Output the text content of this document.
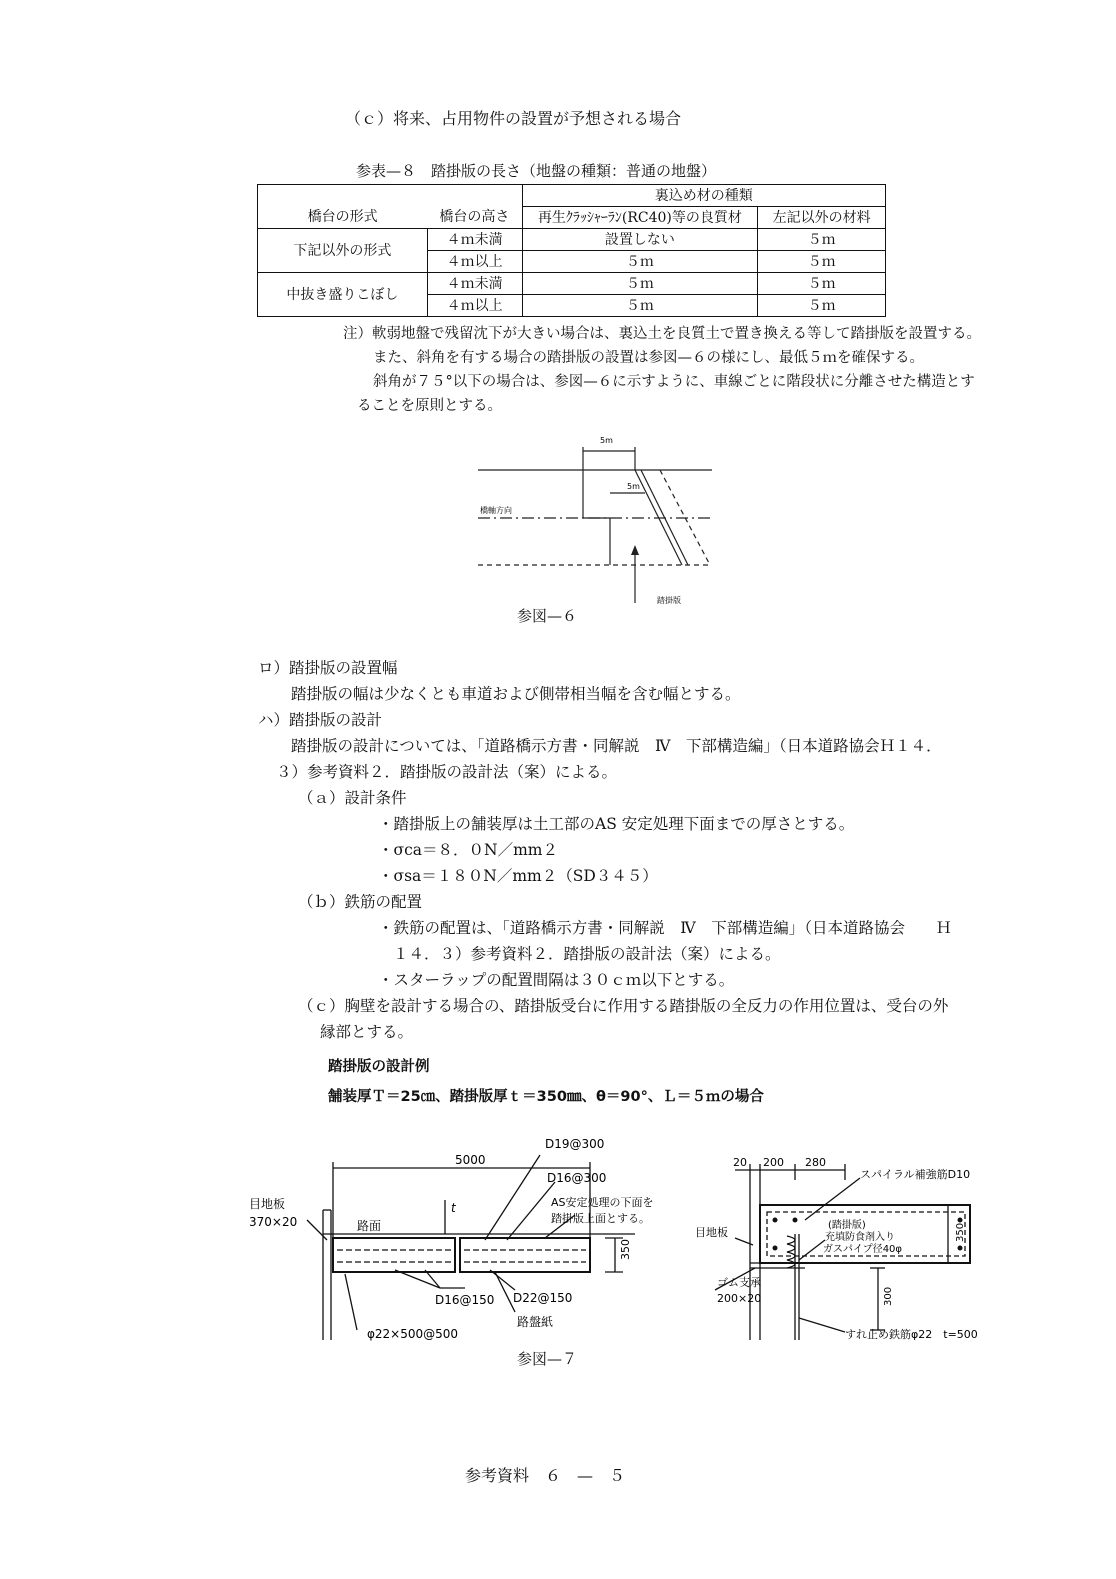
（ｃ）将来、占用物件の設置が予想される場合
参表—８　踏掛版の長さ（地盤の種類：普通の地盤）
		裏込め材の種類	
橋台の形式	橋台の高さ	再生ｸﾗｯｼｬｰﾗﾝ(RC40)等の良質材	左記以外の材料
下記以外の形式	４ｍ未満	設置しない	５ｍ
	４ｍ以上	５ｍ	５ｍ
中抜き盛りこぼし	４ｍ未満	５ｍ	５ｍ
	４ｍ以上	５ｍ	５ｍ
注）軟弱地盤で残留沈下が大きい場合は、裏込土を良質土で置き換える等して踏掛版を設置する。
また、斜角を有する場合の踏掛版の設置は参図—６の様にし、最低５ｍを確保する。
斜角が７５°以下の場合は、参図—６に示すように、車線ごとに階段状に分離させた構造とす
ることを原則とする。
5m
5m
橋軸方向
踏掛版
参図—６
ロ）踏掛版の設置幅
踏掛版の幅は少なくとも車道および側帯相当幅を含む幅とする。
ハ）踏掛版の設計
踏掛版の設計については、「道路橋示方書・同解説　Ⅳ　下部構造編」（日本道路協会Ｈ１４．
３）参考資料２．踏掛版の設計法（案）による。
（ａ）設計条件
・踏掛版上の舗装厚は土工部のAS 安定処理下面までの厚さとする。
・σca＝８．０N／mm２
・σsa＝１８０N／mm２（SD３４５）
（ｂ）鉄筋の配置
・鉄筋の配置は、「道路橋示方書・同解説　Ⅳ　下部構造編」（日本道路協会　　Ｈ
１４．３）参考資料２．踏掛版の設計法（案）による。
・スターラップの配置間隔は３０ｃｍ以下とする。
（ｃ）胸壁を設計する場合の、踏掛版受台に作用する踏掛版の全反力の作用位置は、受台の外
縁部とする。
踏掛版の設計例
舗装厚Ｔ＝25㎝、踏掛版厚ｔ＝350㎜、θ＝90°、Ｌ＝５ｍの場合
5000
D19@300
D16@300
AS安定処理の下面を
踏掛版上面とする。
目地板
370×20	路面
t
350
D16@150 D22@150
路盤紙
φ22×500@500
20 200 280
スパイラル補強筋D10
目地板
(踏掛版)
充填防食剤入り
ガスパイプ径40φ
ゴム支承
200×20
350
300
すれ止め鉄筋φ22　t=500
参図—７
参考資料　６　—　５
